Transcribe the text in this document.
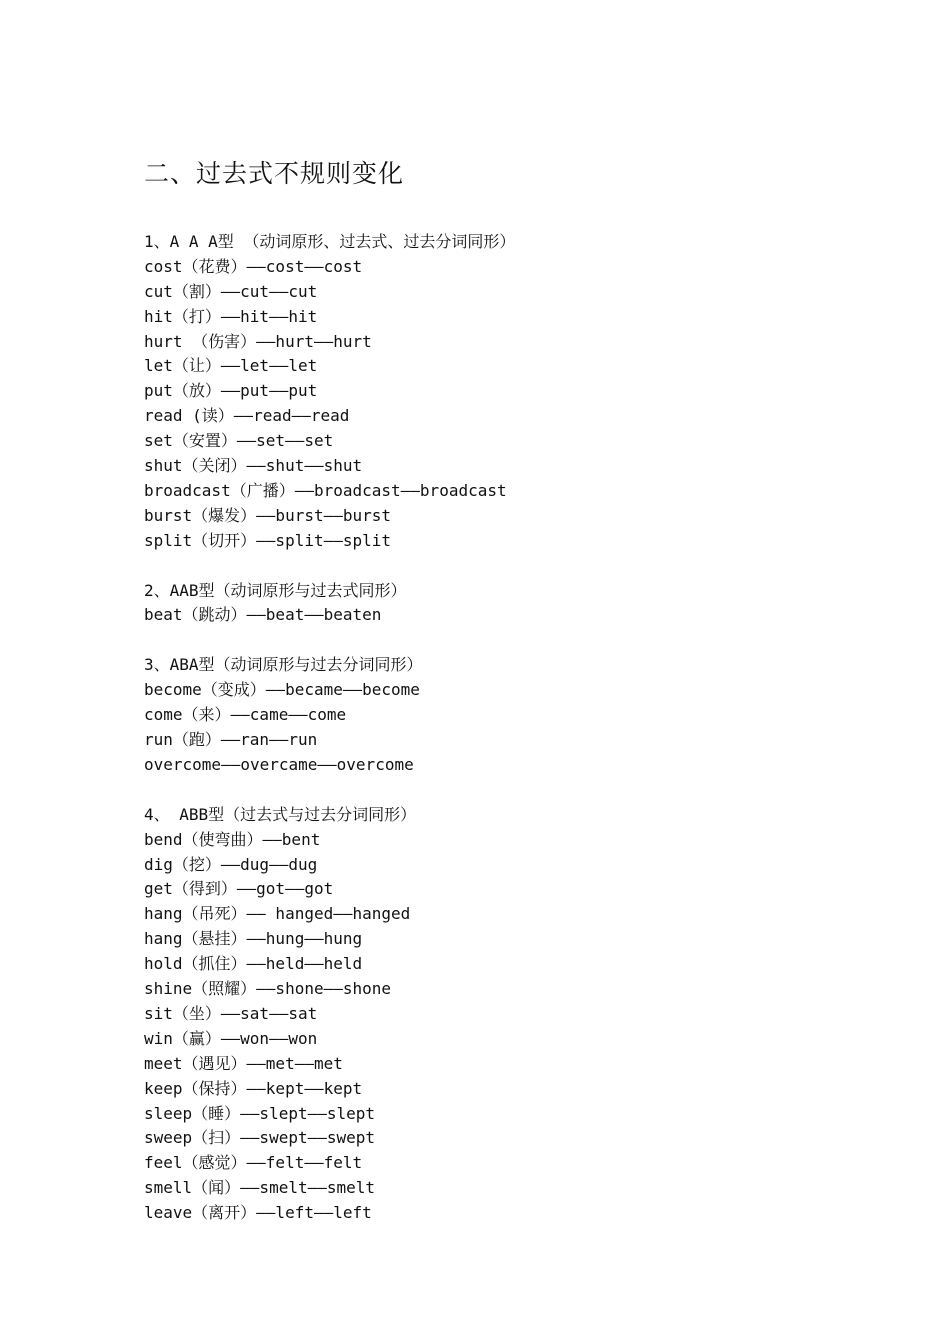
二、过去式不规则变化
1、A A A型 （动词原形、过去式、过去分词同形）
cost（花费）——cost——cost
cut（割）——cut——cut
hit（打）——hit——hit
hurt （伤害）——hurt——hurt
let（让）——let——let
put（放）——put——put
read (读）——read——read
set（安置）——set——set
shut（关闭）——shut——shut
broadcast（广播）——broadcast——broadcast
burst（爆发）——burst——burst
split（切开）——split——split
2、AAB型（动词原形与过去式同形）
beat（跳动）——beat——beaten
3、ABA型（动词原形与过去分词同形）
become（变成）——became——become
come（来）——came——come
run（跑）——ran——run
overcome——overcame——overcome
4、 ABB型（过去式与过去分词同形）
bend（使弯曲）——bent
dig（挖）——dug——dug
get（得到）——got——got
hang（吊死）—— hanged——hanged
hang（悬挂）——hung——hung
hold（抓住）——held——held
shine（照耀）——shone——shone
sit（坐）——sat——sat
win（赢）——won——won
meet（遇见）——met——met
keep（保持）——kept——kept
sleep（睡）——slept——slept
sweep（扫）——swept——swept
feel（感觉）——felt——felt
smell（闻）——smelt——smelt
leave（离开）——left——left
